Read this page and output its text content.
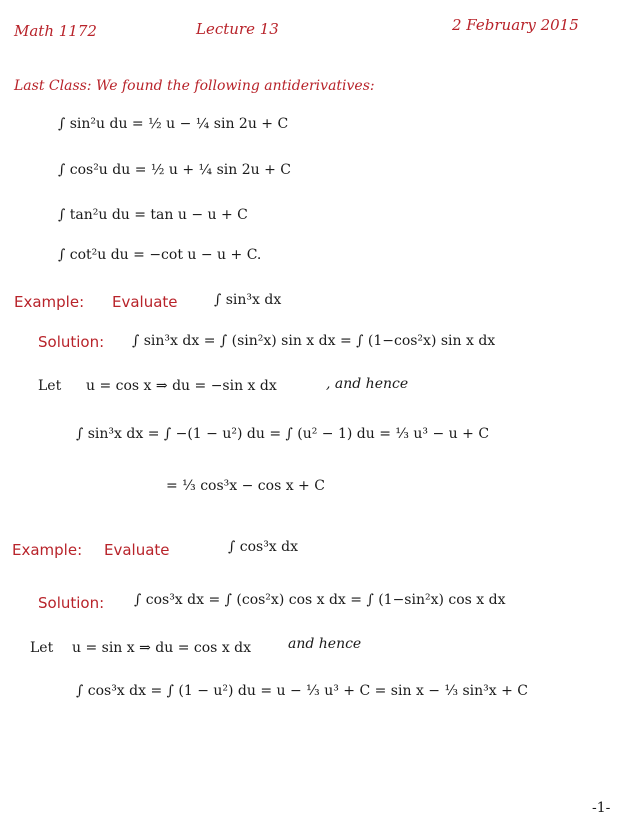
Math 1172	Lecture 13	2 February 2015
Last Class: We found the following antiderivatives:
∫ sin²u du = ½ u − ¼ sin 2u + C
∫ cos²u du = ½ u + ¼ sin 2u + C
∫ tan²u du = tan u − u + C
∫ cot²u du = −cot u − u + C.
Example: Evaluate	∫ sin³x dx
Solution: ∫ sin³x dx = ∫ (sin²x) sin x dx = ∫ (1−cos²x) sin x dx
Let u = cos x ⇒ du = −sin x dx	, and hence
∫ sin³x dx = ∫ −(1 − u²) du = ∫ (u² − 1) du = ⅓ u³ − u + C
= ⅓ cos³x − cos x + C
Example: Evaluate	∫ cos³x dx
Solution: ∫ cos³x dx = ∫ (cos²x) cos x dx = ∫ (1−sin²x) cos x dx
Let u = sin x ⇒ du = cos x dx	and hence
∫ cos³x dx = ∫ (1 − u²) du = u − ⅓ u³ + C = sin x − ⅓ sin³x + C
-1-
